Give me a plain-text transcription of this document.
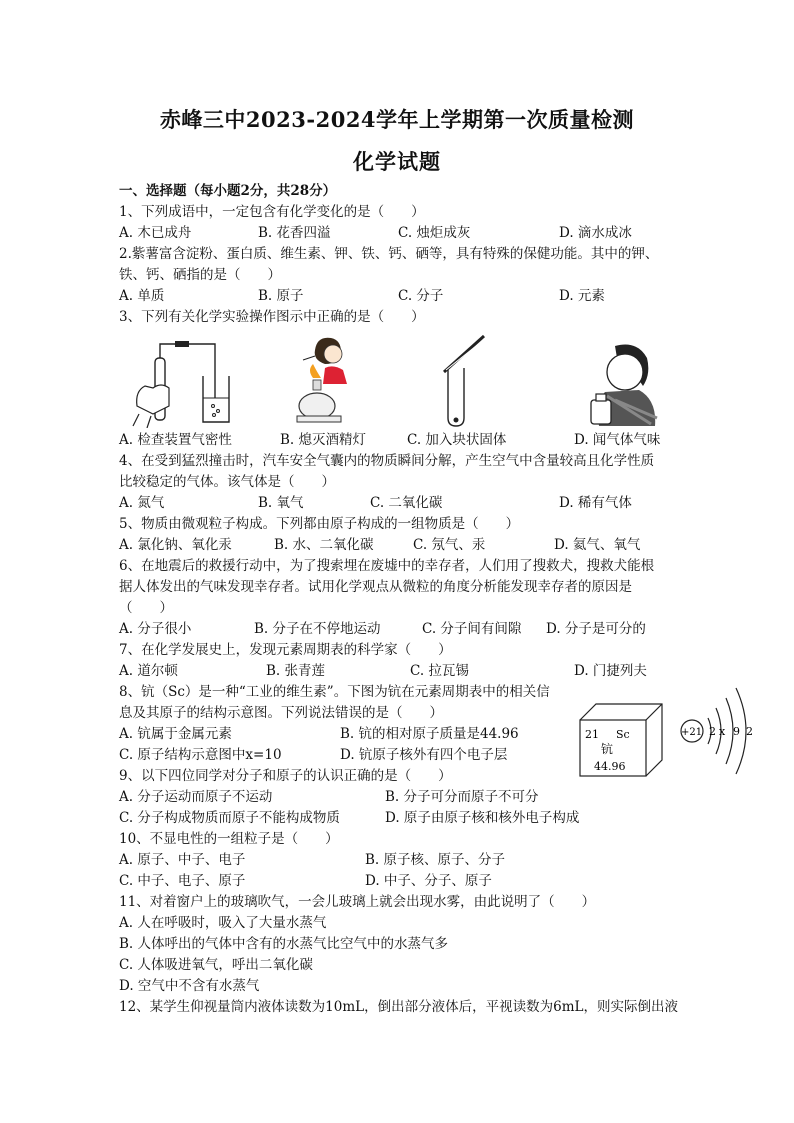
赤峰三中2023-2024学年上学期第一次质量检测
化学试题
一、选择题（每小题2分，共28分）
1、下列成语中，一定包含有化学变化的是（　　）
A. 木已成舟	B. 花香四溢	C. 烛炬成灰	D. 滴水成冰
2.紫薯富含淀粉、蛋白质、维生素、钾、铁、钙、硒等，具有特殊的保健功能。其中的钾、
铁、钙、硒指的是（　　）
A. 单质	B. 原子	C. 分子	D. 元素
3、下列有关化学实验操作图示中正确的是（　　）
A. 检查装置气密性	B. 熄灭酒精灯	C. 加入块状固体	D. 闻气体气味
4、在受到猛烈撞击时，汽车安全气囊内的物质瞬间分解，产生空气中含量较高且化学性质
比较稳定的气体。该气体是（　　）
A. 氮气	B. 氧气	C. 二氧化碳	D. 稀有气体
5、物质由微观粒子构成。下列都由原子构成的一组物质是（　　）
A. 氯化钠、氧化汞	B. 水、二氧化碳	C. 氖气、汞	D. 氦气、氧气
6、在地震后的救援行动中，为了搜索埋在废墟中的幸存者，人们用了搜救犬，搜救犬能根
据人体发出的气味发现幸存者。试用化学观点从微粒的角度分析能发现幸存者的原因是
（　　）
A. 分子很小	B. 分子在不停地运动	C. 分子间有间隙 D. 分子是可分的
7、在化学发展史上，发现元素周期表的科学家（　　）
A. 道尔顿	B. 张青莲	C. 拉瓦锡	D. 门捷列夫
8、钪（Sc）是一种“工业的维生素”。下图为钪在元素周期表中的相关信
息及其原子的结构示意图。下列说法错误的是（　　）
A. 钪属于金属元素	B. 钪的相对原子质量是44.96
C. 原子结构示意图中x=10	D. 钪原子核外有四个电子层
21 Sc
钪
44.96
+21 2 x 9 2
9、以下四位同学对分子和原子的认识正确的是（　　）
A. 分子运动而原子不运动	B. 分子可分而原子不可分
C. 分子构成物质而原子不能构成物质	D. 原子由原子核和核外电子构成
10、不显电性的一组粒子是（　　）
A. 原子、中子、电子	B. 原子核、原子、分子
C. 中子、电子、原子	D. 中子、分子、原子
11、对着窗户上的玻璃吹气，一会儿玻璃上就会出现水雾，由此说明了（　　）
A. 人在呼吸时，吸入了大量水蒸气
B. 人体呼出的气体中含有的水蒸气比空气中的水蒸气多
C. 人体吸进氧气，呼出二氧化碳
D. 空气中不含有水蒸气
12、某学生仰视量筒内液体读数为10mL，倒出部分液体后，平视读数为6mL，则实际倒出液
